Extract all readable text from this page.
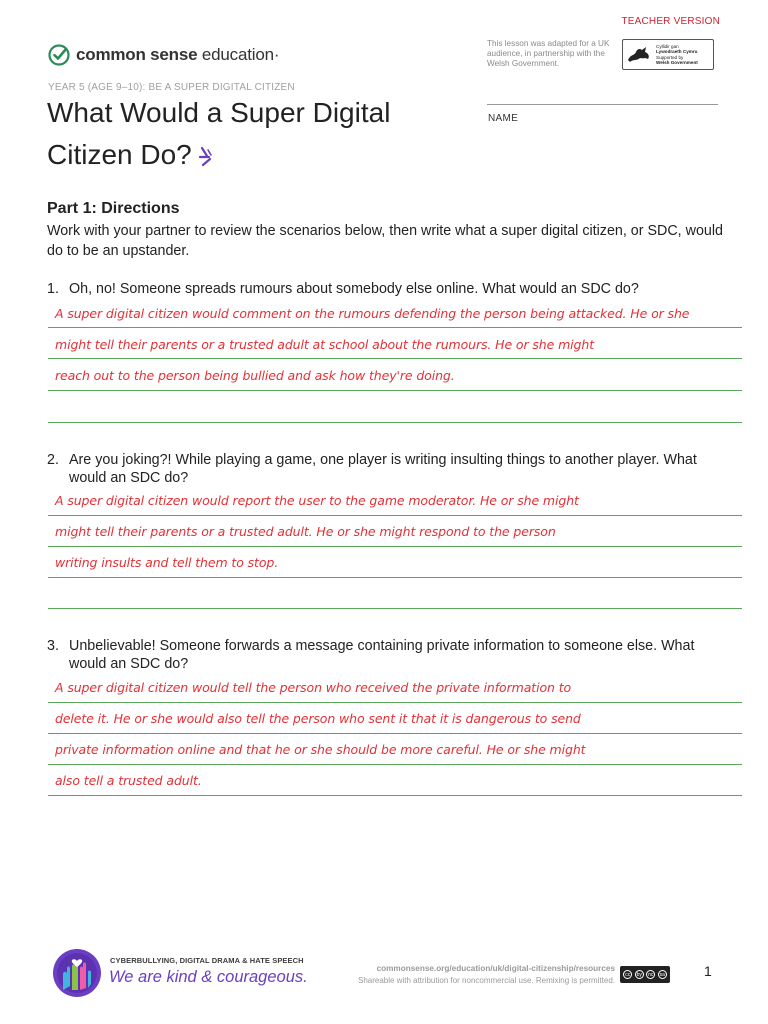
TEACHER VERSION
common sense education·
This lesson was adapted for a UK audience, in partnership with the Welsh Government.
Cyllidir gan
Lywodraeth Cymru
Supported by
Welsh Government
YEAR 5 (AGE 9–10): BE A SUPER DIGITAL CITIZEN
What Would a Super Digital Citizen Do?
NAME
Part 1: Directions
Work with your partner to review the scenarios below, then write what a super digital citizen, or SDC, would do to be an upstander.
1. Oh, no! Someone spreads rumours about somebody else online. What would an SDC do?
A super digital citizen would comment on the rumours defending the person being attacked. He or she
might tell their parents or a trusted adult at school about the rumours. He or she might
reach out to the person being bullied and ask how they're doing.
2. Are you joking?! While playing a game, one player is writing insulting things to another player. What would an SDC do?
A super digital citizen would report the user to the game moderator. He or she might
might tell their parents or a trusted adult. He or she might respond to the person
writing insults and tell them to stop.
3. Unbelievable! Someone forwards a message containing private information to someone else. What would an SDC do?
A super digital citizen would tell the person who received the private information to
delete it. He or she would also tell the person who sent it that it is dangerous to send
private information online and that he or she should be more careful. He or she might
also tell a trusted adult.
CYBERBULLYING, DIGITAL DRAMA & HATE SPEECH
We are kind & courageous.	commonsense.org/education/uk/digital-citizenship/resources
Shareable with attribution for noncommercial use. Remixing is permitted.
cc	by	nc	sa	1
